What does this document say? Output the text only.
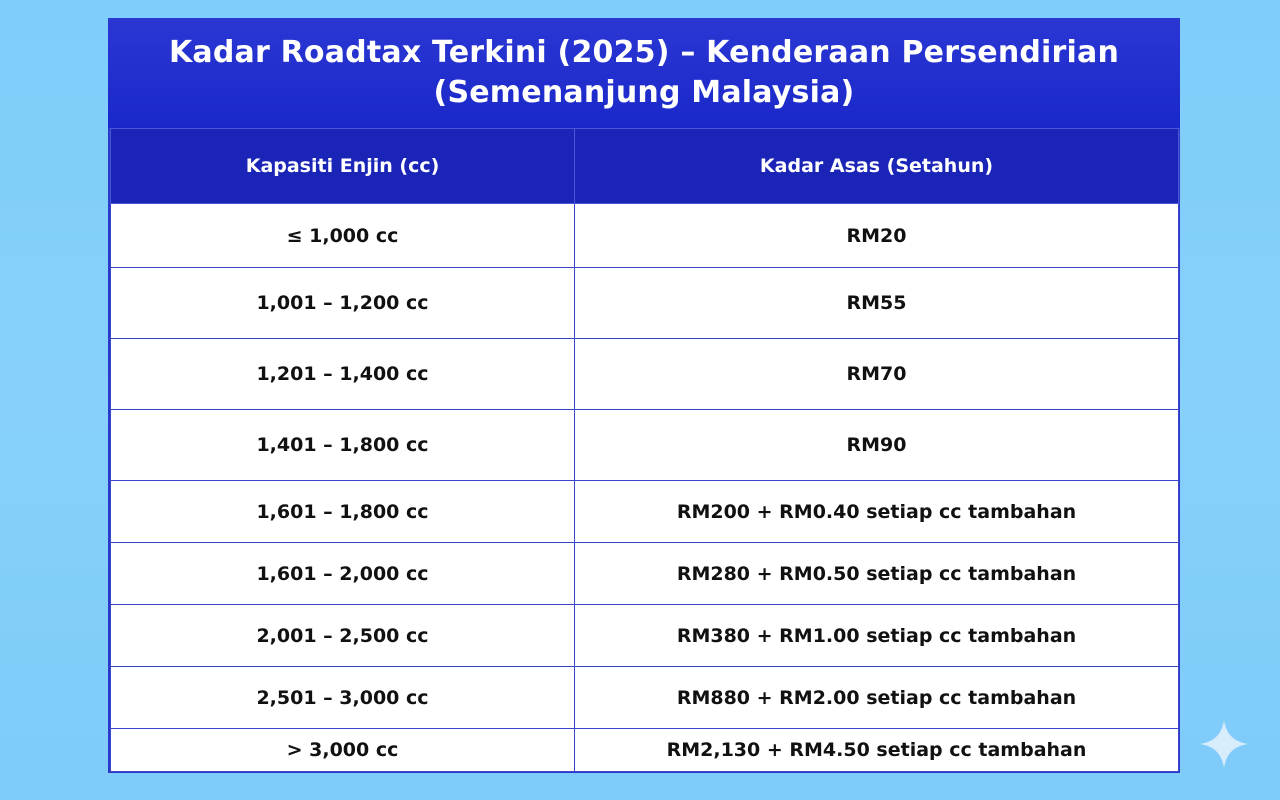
Kadar Roadtax Terkini (2025) – Kenderaan Persendirian (Semenanjung Malaysia)
Kapasiti Enjin (cc)	Kadar Asas (Setahun)
≤ 1,000 cc	RM20
1,001 – 1,200 cc	RM55
1,201 – 1,400 cc	RM70
1,401 – 1,800 cc	RM90
1,601 – 1,800 cc	RM200 + RM0.40 setiap cc tambahan
1,601 – 2,000 cc	RM280 + RM0.50 setiap cc tambahan
2,001 – 2,500 cc	RM380 + RM1.00 setiap cc tambahan
2,501 – 3,000 cc	RM880 + RM2.00 setiap cc tambahan
> 3,000 cc	RM2,130 + RM4.50 setiap cc tambahan
